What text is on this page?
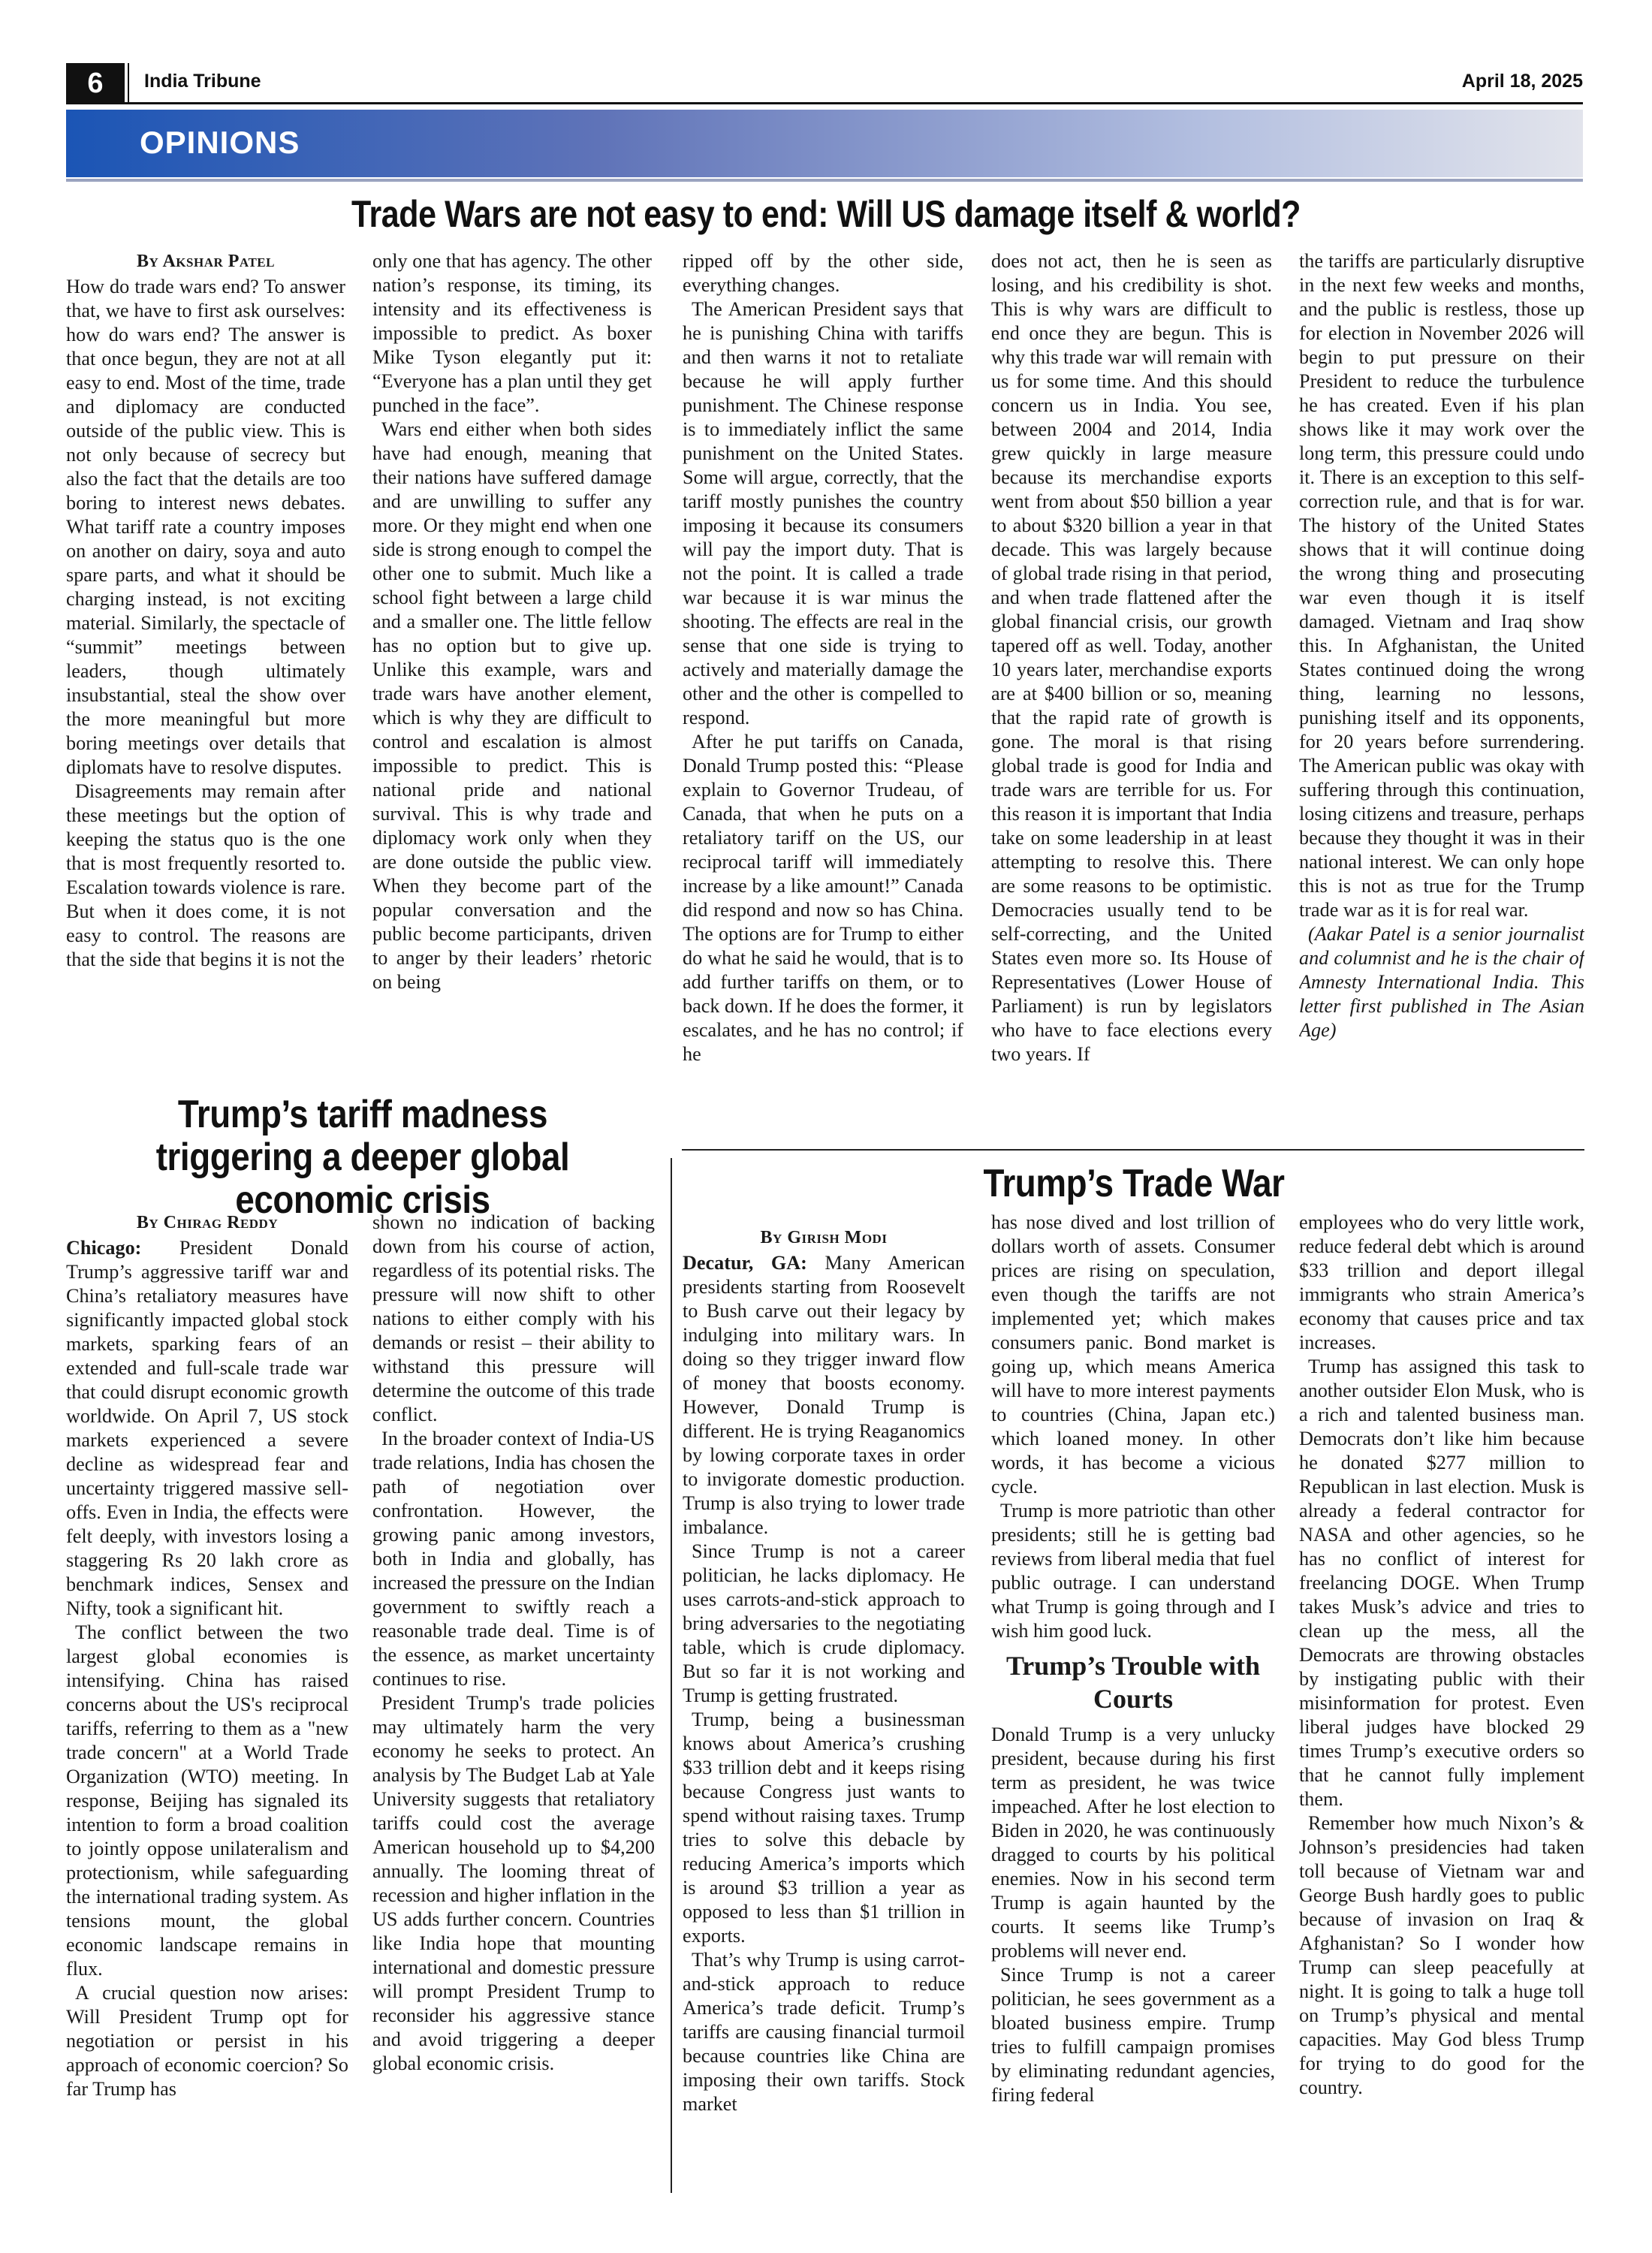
6	India Tribune	April 18, 2025
OPINIONS
Trade Wars are not easy to end: Will US damage itself & world?
By Akshar Patel

How do trade wars end? To answer that, we have to first ask ourselves: how do wars end? The answer is that once begun, they are not at all easy to end. Most of the time, trade and diplomacy are conducted outside of the public view. This is not only because of secrecy but also the fact that the details are too boring to interest news debates. What tariff rate a country imposes on another on dairy, soya and auto spare parts, and what it should be charging instead, is not exciting material. Similarly, the spectacle of “summit” meetings between leaders, though ultimately insubstantial, steal the show over the more meaningful but more boring meetings over details that diplomats have to resolve disputes.

Disagreements may remain after these meetings but the option of keeping the status quo is the one that is most frequently resorted to. Escalation towards violence is rare. But when it does come, it is not easy to control. The reasons are that the side that begins it is not the

only one that has agency. The other nation’s response, its timing, its intensity and its effectiveness is impossible to predict. As boxer Mike Tyson elegantly put it: “Everyone has a plan until they get punched in the face”.

Wars end either when both sides have had enough, meaning that their nations have suffered damage and are unwilling to suffer any more. Or they might end when one side is strong enough to compel the other one to submit. Much like a school fight between a large child and a smaller one. The little fellow has no option but to give up. Unlike this example, wars and trade wars have another element, which is why they are difficult to control and escalation is almost impossible to predict. This is national pride and national survival. This is why trade and diplomacy work only when they are done outside the public view. When they become part of the popular conversation and the public become participants, driven to anger by their leaders’ rhetoric on being

ripped off by the other side, everything changes.

The American President says that he is punishing China with tariffs and then warns it not to retaliate because he will apply further punishment. The Chinese response is to immediately inflict the same punishment on the United States. Some will argue, correctly, that the tariff mostly punishes the country imposing it because its consumers will pay the import duty. That is not the point. It is called a trade war because it is war minus the shooting. The effects are real in the sense that one side is trying to actively and materially damage the other and the other is compelled to respond.

After he put tariffs on Canada, Donald Trump posted this: “Please explain to Governor Trudeau, of Canada, that when he puts on a retaliatory tariff on the US, our reciprocal tariff will immediately increase by a like amount!” Canada did respond and now so has China. The options are for Trump to either do what he said he would, that is to add further tariffs on them, or to back down. If he does the former, it escalates, and he has no control; if he

does not act, then he is seen as losing, and his credibility is shot. This is why wars are difficult to end once they are begun. This is why this trade war will remain with us for some time. And this should concern us in India. You see, between 2004 and 2014, India grew quickly in large measure because its merchandise exports went from about $50 billion a year to about $320 billion a year in that decade. This was largely because of global trade rising in that period, and when trade flattened after the global financial crisis, our growth tapered off as well. Today, another 10 years later, merchandise exports are at $400 billion or so, meaning that the rapid rate of growth is gone. The moral is that rising global trade is good for India and trade wars are terrible for us. For this reason it is important that India take on some leadership in at least attempting to resolve this. There are some reasons to be optimistic. Democracies usually tend to be self-correcting, and the United States even more so. Its House of Representatives (Lower House of Parliament) is run by legislators who have to face elections every two years. If

the tariffs are particularly disruptive in the next few weeks and months, and the public is restless, those up for election in November 2026 will begin to put pressure on their President to reduce the turbulence he has created. Even if his plan shows like it may work over the long term, this pressure could undo it. There is an exception to this self-correction rule, and that is for war. The history of the United States shows that it will continue doing the wrong thing and prosecuting war even though it is itself damaged. Vietnam and Iraq show this. In Afghanistan, the United States continued doing the wrong thing, learning no lessons, punishing itself and its opponents, for 20 years before surrendering. The American public was okay with suffering through this continuation, losing citizens and treasure, perhaps because they thought it was in their national interest. We can only hope this is not as true for the Trump trade war as it is for real war.

(Aakar Patel is a senior journalist and columnist and he is the chair of Amnesty International India. This letter first published in The Asian Age)

Trump’s tariff madness triggering a deeper global economic crisis
By Chirag Reddy

Chicago: President Donald Trump’s aggressive tariff war and China’s retaliatory measures have significantly impacted global stock markets, sparking fears of an extended and full-scale trade war that could disrupt economic growth worldwide. On April 7, US stock markets experienced a severe decline as widespread fear and uncertainty triggered massive sell-offs. Even in India, the effects were felt deeply, with investors losing a staggering Rs 20 lakh crore as benchmark indices, Sensex and Nifty, took a significant hit.

The conflict between the two largest global economies is intensifying. China has raised concerns about the US's reciprocal tariffs, referring to them as a "new trade concern" at a World Trade Organization (WTO) meeting. In response, Beijing has signaled its intention to form a broad coalition to jointly oppose unilateralism and protectionism, while safeguarding the international trading system. As tensions mount, the global economic landscape remains in flux.

A crucial question now arises: Will President Trump opt for negotiation or persist in his approach of economic coercion? So far Trump has

shown no indication of backing down from his course of action, regardless of its potential risks. The pressure will now shift to other nations to either comply with his demands or resist – their ability to withstand this pressure will determine the outcome of this trade conflict.

In the broader context of India-US trade relations, India has chosen the path of negotiation over confrontation. However, the growing panic among investors, both in India and globally, has increased the pressure on the Indian government to swiftly reach a reasonable trade deal. Time is of the essence, as market uncertainty continues to rise.

President Trump's trade policies may ultimately harm the very economy he seeks to protect. An analysis by The Budget Lab at Yale University suggests that retaliatory tariffs could cost the average American household up to $4,200 annually. The looming threat of recession and higher inflation in the US adds further concern. Countries like India hope that mounting international and domestic pressure will prompt President Trump to reconsider his aggressive stance and avoid triggering a deeper global economic crisis.

Trump’s Trade War
By Girish Modi

Decatur, GA: Many American presidents starting from Roosevelt to Bush carve out their legacy by indulging into military wars. In doing so they trigger inward flow of money that boosts economy. However, Donald Trump is different. He is trying Reaganomics by lowing corporate taxes in order to invigorate domestic production. Trump is also trying to lower trade imbalance.

Since Trump is not a career politician, he lacks diplomacy. He uses carrots-and-stick approach to bring adversaries to the negotiating table, which is crude diplomacy. But so far it is not working and Trump is getting frustrated.

Trump, being a businessman knows about America’s crushing $33 trillion debt and it keeps rising because Congress just wants to spend without raising taxes. Trump tries to solve this debacle by reducing America’s imports which is around $3 trillion a year as opposed to less than $1 trillion in exports.

That’s why Trump is using carrot-and-stick approach to reduce America’s trade deficit. Trump’s tariffs are causing financial turmoil because countries like China are imposing their own tariffs. Stock market

has nose dived and lost trillion of dollars worth of assets. Consumer prices are rising on speculation, even though the tariffs are not implemented yet; which makes consumers panic. Bond market is going up, which means America will have to more interest payments to countries (China, Japan etc.) which loaned money. In other words, it has become a vicious cycle.

Trump is more patriotic than other presidents; still he is getting bad reviews from liberal media that fuel public outrage. I can understand what Trump is going through and I wish him good luck.

Trump’s Trouble with Courts

Donald Trump is a very unlucky president, because during his first term as president, he was twice impeached. After he lost election to Biden in 2020, he was continuously dragged to courts by his political enemies. Now in his second term Trump is again haunted by the courts. It seems like Trump’s problems will never end.

Since Trump is not a career politician, he sees government as a bloated business empire. Trump tries to fulfill campaign promises by eliminating redundant agencies, firing federal

employees who do very little work, reduce federal debt which is around $33 trillion and deport illegal immigrants who strain America’s economy that causes price and tax increases.

Trump has assigned this task to another outsider Elon Musk, who is a rich and talented business man. Democrats don’t like him because he donated $277 million to Republican in last election. Musk is already a federal contractor for NASA and other agencies, so he has no conflict of interest for freelancing DOGE. When Trump takes Musk’s advice and tries to clean up the mess, all the Democrats are throwing obstacles by instigating public with their misinformation for protest. Even liberal judges have blocked 29 times Trump’s executive orders so that he cannot fully implement them.

Remember how much Nixon’s & Johnson’s presidencies had taken toll because of Vietnam war and George Bush hardly goes to public because of invasion on Iraq & Afghanistan? So I wonder how Trump can sleep peacefully at night. It is going to talk a huge toll on Trump’s physical and mental capacities. May God bless Trump for trying to do good for the country.
